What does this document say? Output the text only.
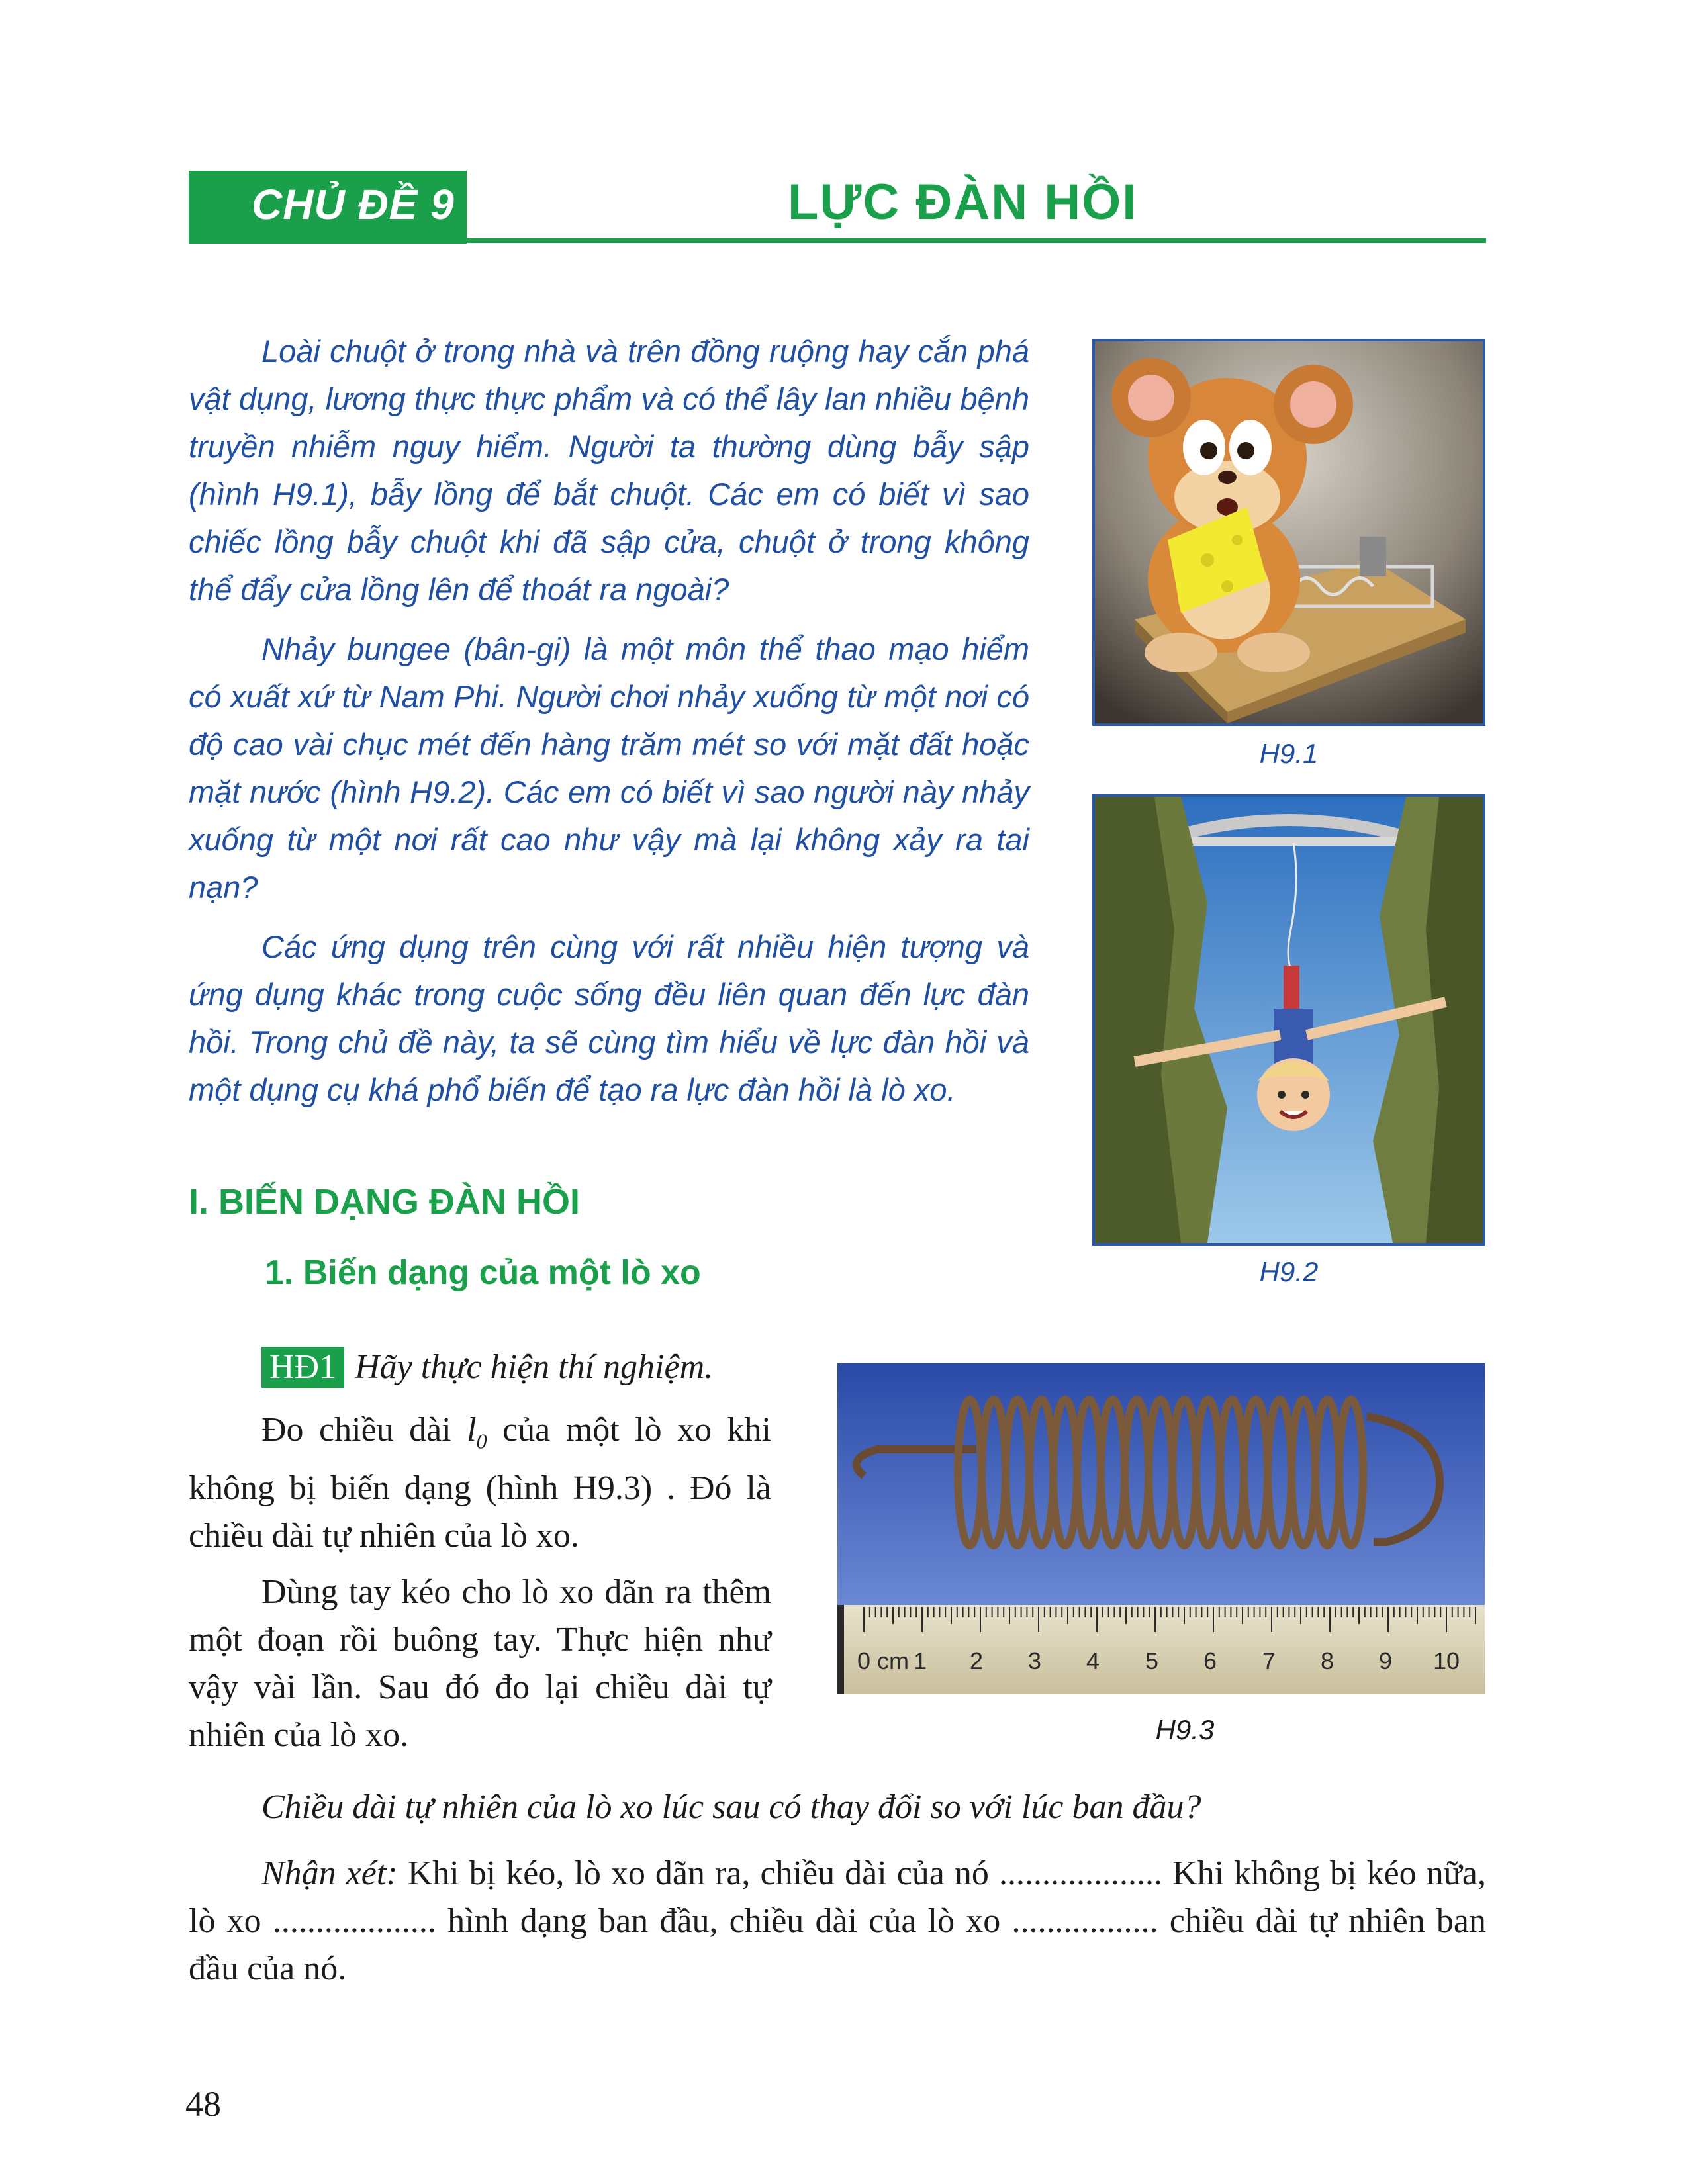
CHỦ ĐỀ 9	LỰC ĐÀN HỒI

Loài chuột ở trong nhà và trên đồng ruộng hay cắn phá vật dụng, lương thực thực phẩm và có thể lây lan nhiều bệnh truyền nhiễm nguy hiểm. Người ta thường dùng bẫy sập (hình H9.1), bẫy lồng để bắt chuột. Các em có biết vì sao chiếc lồng bẫy chuột khi đã sập cửa, chuột ở trong không thể đẩy cửa lồng lên để thoát ra ngoài?

Nhảy bungee (bân-gi) là một môn thể thao mạo hiểm có xuất xứ từ Nam Phi. Người chơi nhảy xuống từ một nơi có độ cao vài chục mét đến hàng trăm mét so với mặt đất hoặc mặt nước (hình H9.2). Các em có biết vì sao người này nhảy xuống từ một nơi rất cao như vậy mà lại không xảy ra tai nạn?

Các ứng dụng trên cùng với rất nhiều hiện tượng và ứng dụng khác trong cuộc sống đều liên quan đến lực đàn hồi. Trong chủ đề này, ta sẽ cùng tìm hiểu về lực đàn hồi và một dụng cụ khá phổ biến để tạo ra lực đàn hồi là lò xo.

H9.1
H9.2
I. BIẾN DẠNG ĐÀN HỒI
1. Biến dạng của một lò xo
HĐ1 Hãy thực hiện thí nghiệm.

Đo chiều dài $l_0$ của một lò xo khi không bị biến dạng (hình H9.3) . Đó là chiều dài tự nhiên của lò xo.

Dùng tay kéo cho lò xo dãn ra thêm một đoạn rồi buông tay. Thực hiện như vậy vài lần. Sau đó đo lại chiều dài tự nhiên của lò xo.

0 cm 1 2 3 4 5 6 7 8 9 10
H9.3

Chiều dài tự nhiên của lò xo lúc sau có thay đổi so với lúc ban đầu?

Nhận xét: Khi bị kéo, lò xo dãn ra, chiều dài của nó ................... Khi không bị kéo nữa, lò xo ................... hình dạng ban đầu, chiều dài của lò xo ................. chiều dài tự nhiên ban đầu của nó.

48
